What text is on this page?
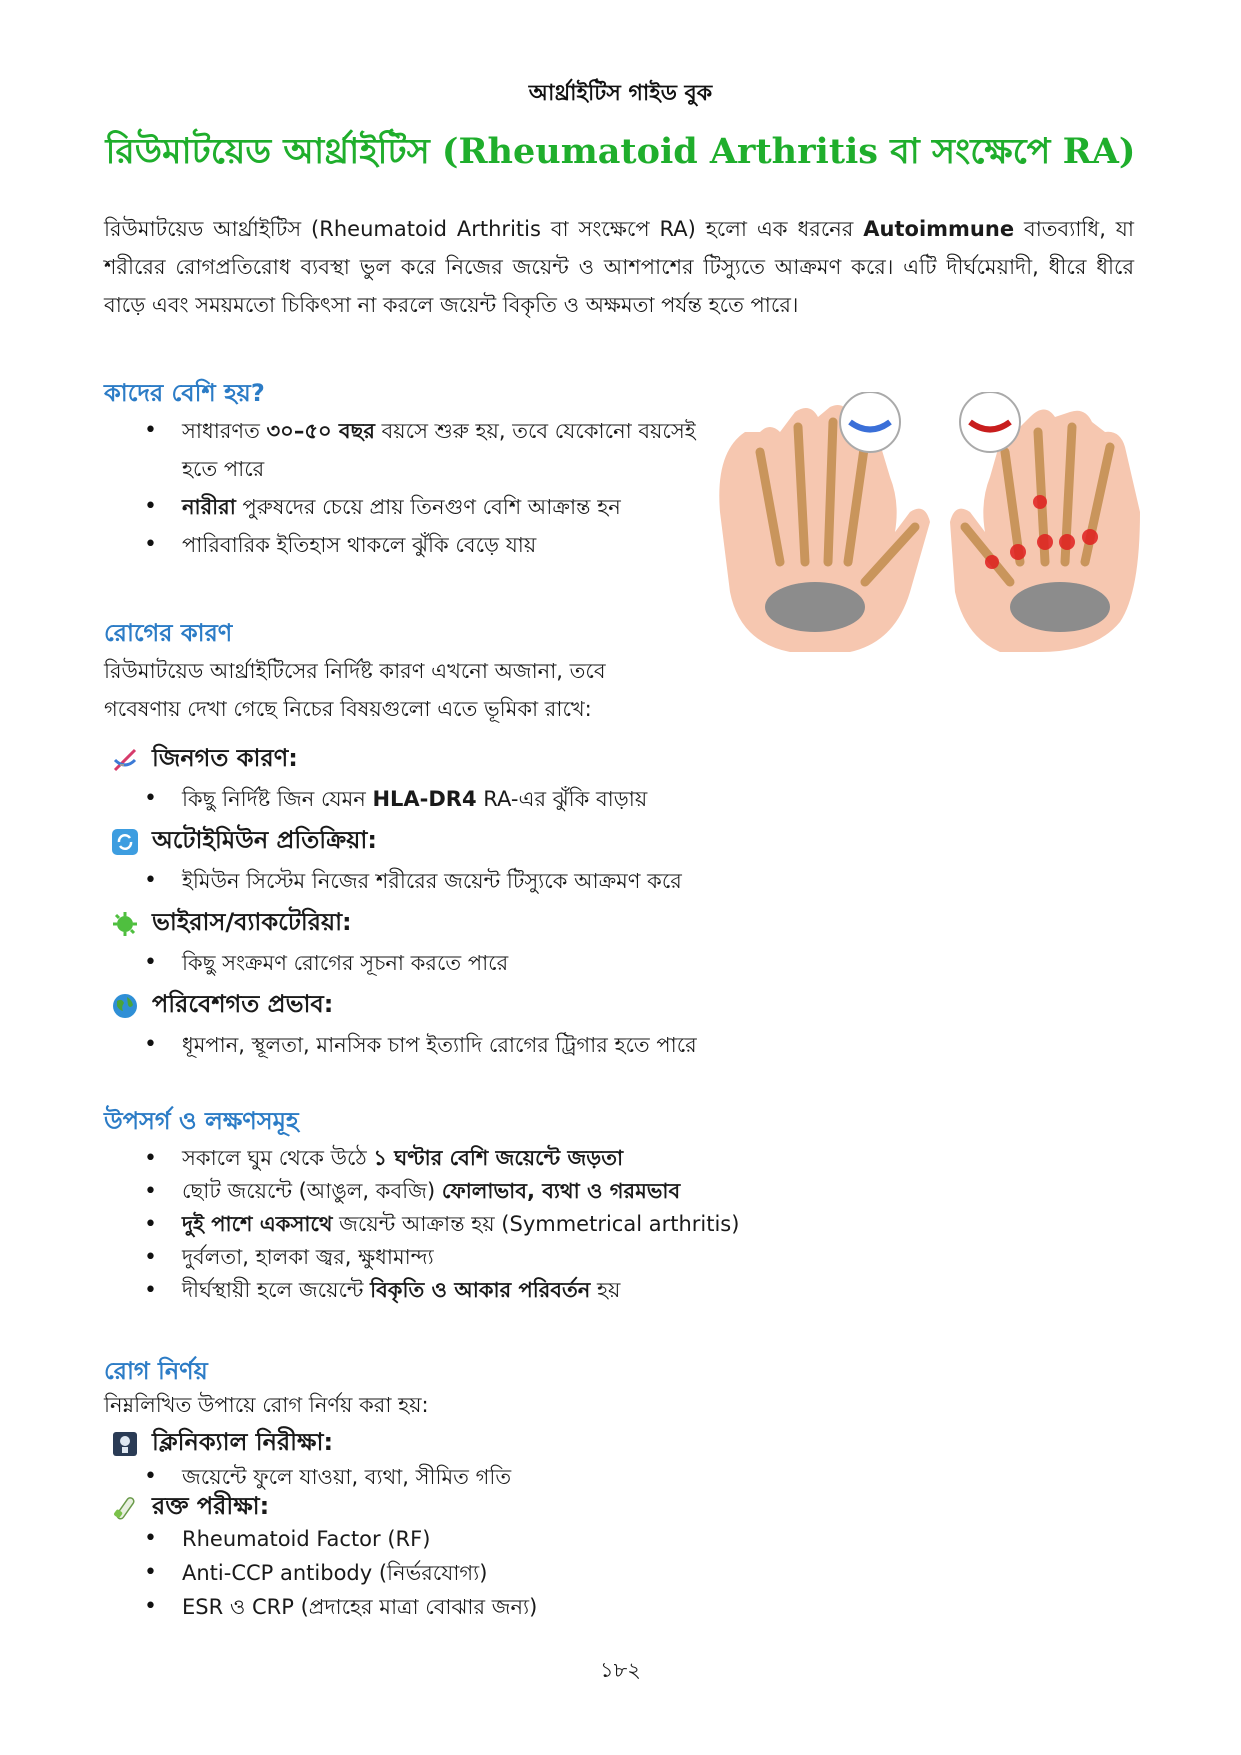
আর্থ্রাইটিস গাইড বুক
রিউমাটয়েড আর্থ্রাইটিস (Rheumatoid Arthritis বা সংক্ষেপে RA)

রিউমাটয়েড আর্থ্রাইটিস (Rheumatoid Arthritis বা সংক্ষেপে RA) হলো এক ধরনের Autoimmune বাতব্যাধি, যা শরীরের রোগপ্রতিরোধ ব্যবস্থা ভুল করে নিজের জয়েন্ট ও আশপাশের টিস্যুতে আক্রমণ করে। এটি দীর্ঘমেয়াদী, ধীরে ধীরে বাড়ে এবং সময়মতো চিকিৎসা না করলে জয়েন্ট বিকৃতি ও অক্ষমতা পর্যন্ত হতে পারে।

কাদের বেশি হয়?
• সাধারণত ৩০–৫০ বছর বয়সে শুরু হয়, তবে যেকোনো বয়সেই হতে পারে
• নারীরা পুরুষদের চেয়ে প্রায় তিনগুণ বেশি আক্রান্ত হন
• পারিবারিক ইতিহাস থাকলে ঝুঁকি বেড়ে যায়
রোগের কারণ
রিউমাটয়েড আর্থ্রাইটিসের নির্দিষ্ট কারণ এখনো অজানা, তবে
গবেষণায় দেখা গেছে নিচের বিষয়গুলো এতে ভূমিকা রাখে:
জিনগত কারণ:
• কিছু নির্দিষ্ট জিন যেমন HLA-DR4 RA-এর ঝুঁকি বাড়ায়
অটোইমিউন প্রতিক্রিয়া:
• ইমিউন সিস্টেম নিজের শরীরের জয়েন্ট টিস্যুকে আক্রমণ করে
ভাইরাস/ব্যাকটেরিয়া:
• কিছু সংক্রমণ রোগের সূচনা করতে পারে
পরিবেশগত প্রভাব:
• ধূমপান, স্থূলতা, মানসিক চাপ ইত্যাদি রোগের ট্রিগার হতে পারে
উপসর্গ ও লক্ষণসমূহ
• সকালে ঘুম থেকে উঠে ১ ঘণ্টার বেশি জয়েন্টে জড়তা
• ছোট জয়েন্টে (আঙুল, কবজি) ফোলাভাব, ব্যথা ও গরমভাব
• দুই পাশে একসাথে জয়েন্ট আক্রান্ত হয় (Symmetrical arthritis)
• দুর্বলতা, হালকা জ্বর, ক্ষুধামান্দ্য
• দীর্ঘস্থায়ী হলে জয়েন্টে বিকৃতি ও আকার পরিবর্তন হয়
রোগ নির্ণয়
নিম্নলিখিত উপায়ে রোগ নির্ণয় করা হয়:
ক্লিনিক্যাল নিরীক্ষা:
• জয়েন্টে ফুলে যাওয়া, ব্যথা, সীমিত গতি
রক্ত পরীক্ষা:
• Rheumatoid Factor (RF)
• Anti-CCP antibody (নির্ভরযোগ্য)
• ESR ও CRP (প্রদাহের মাত্রা বোঝার জন্য)
১৮২
